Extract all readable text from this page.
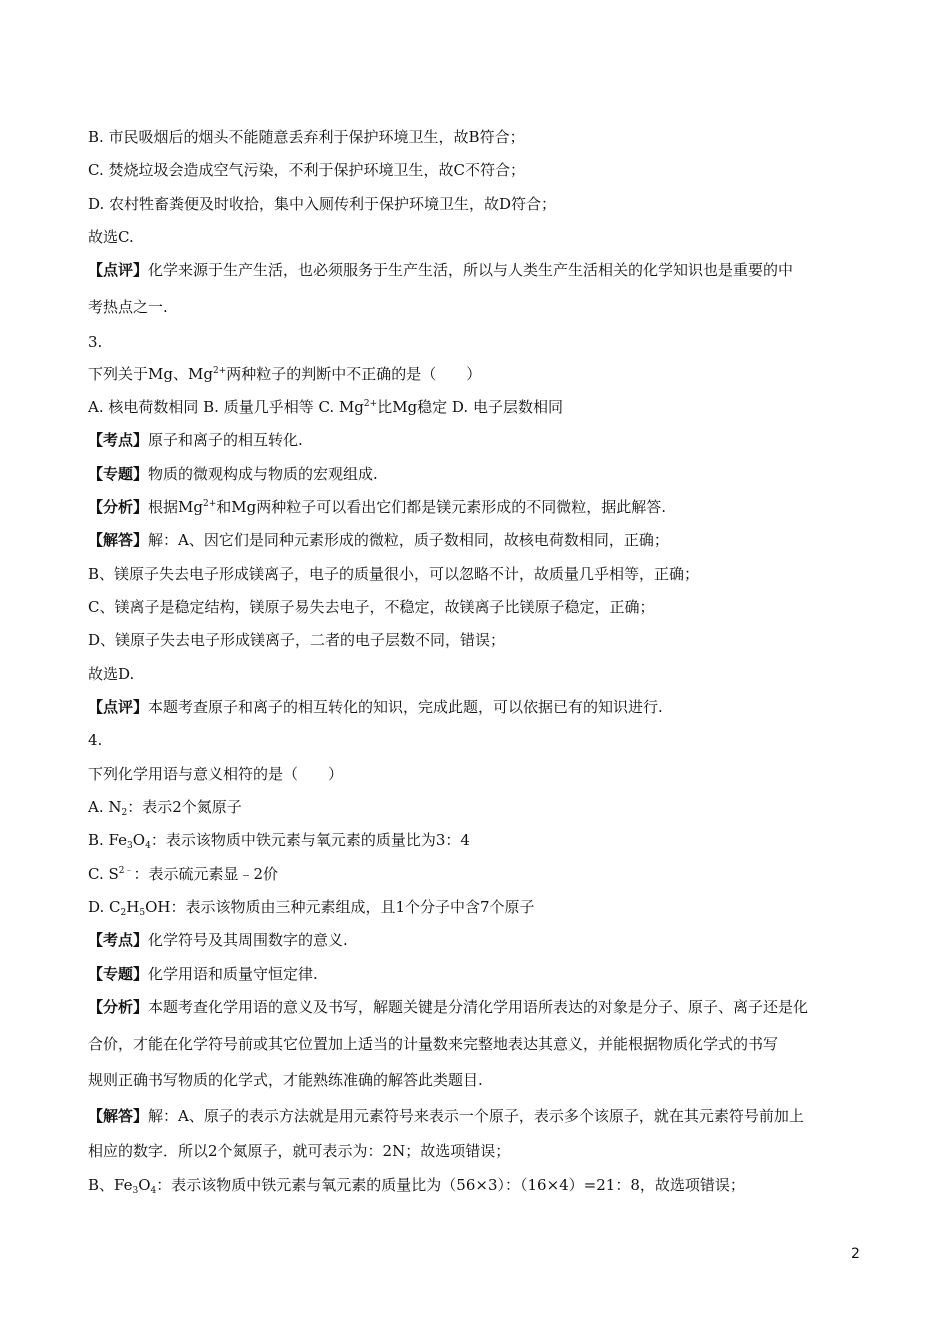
B. 市民吸烟后的烟头不能随意丢弃利于保护环境卫生，故B符合；
C. 焚烧垃圾会造成空气污染，不利于保护环境卫生，故C不符合；
D. 农村牲畜粪便及时收拾，集中入厕传利于保护环境卫生，故D符合；
故选C.
【点评】化学来源于生产生活，也必须服务于生产生活，所以与人类生产生活相关的化学知识也是重要的中
考热点之一.
3.
下列关于Mg、$Mg^{2+}$两种粒子的判断中不正确的是（　　）
A. 核电荷数相同 B. 质量几乎相等 C. $Mg^{2+}$比Mg稳定 D. 电子层数相同
【考点】原子和离子的相互转化.
【专题】物质的微观构成与物质的宏观组成.
【分析】根据$Mg^{2+}$和Mg两种粒子可以看出它们都是镁元素形成的不同微粒，据此解答.
【解答】解：A、因它们是同种元素形成的微粒，质子数相同，故核电荷数相同，正确；
B、镁原子失去电子形成镁离子，电子的质量很小，可以忽略不计，故质量几乎相等，正确；
C、镁离子是稳定结构，镁原子易失去电子，不稳定，故镁离子比镁原子稳定，正确；
D、镁原子失去电子形成镁离子，二者的电子层数不同，错误；
故选D.
【点评】本题考查原子和离子的相互转化的知识，完成此题，可以依据已有的知识进行.
4.
下列化学用语与意义相符的是（　　）
A. $N_2$：表示2个氮原子
B. $Fe_3O_4$：表示该物质中铁元素与氧元素的质量比为3：4
C. $S^{2﹣}$：表示硫元素显﹣2价
D. $C_2H_5OH$：表示该物质由三种元素组成，且1个分子中含7个原子
【考点】化学符号及其周围数字的意义.
【专题】化学用语和质量守恒定律.
【分析】本题考查化学用语的意义及书写，解题关键是分清化学用语所表达的对象是分子、原子、离子还是化
合价，才能在化学符号前或其它位置加上适当的计量数来完整地表达其意义，并能根据物质化学式的书写
规则正确书写物质的化学式，才能熟练准确的解答此类题目.
【解答】解：A、原子的表示方法就是用元素符号来表示一个原子，表示多个该原子，就在其元素符号前加上
相应的数字．所以2个氮原子，就可表示为：2N；故选项错误；
B、$Fe_3O_4$：表示该物质中铁元素与氧元素的质量比为（56×3）：（16×4）=21：8，故选项错误；
2
